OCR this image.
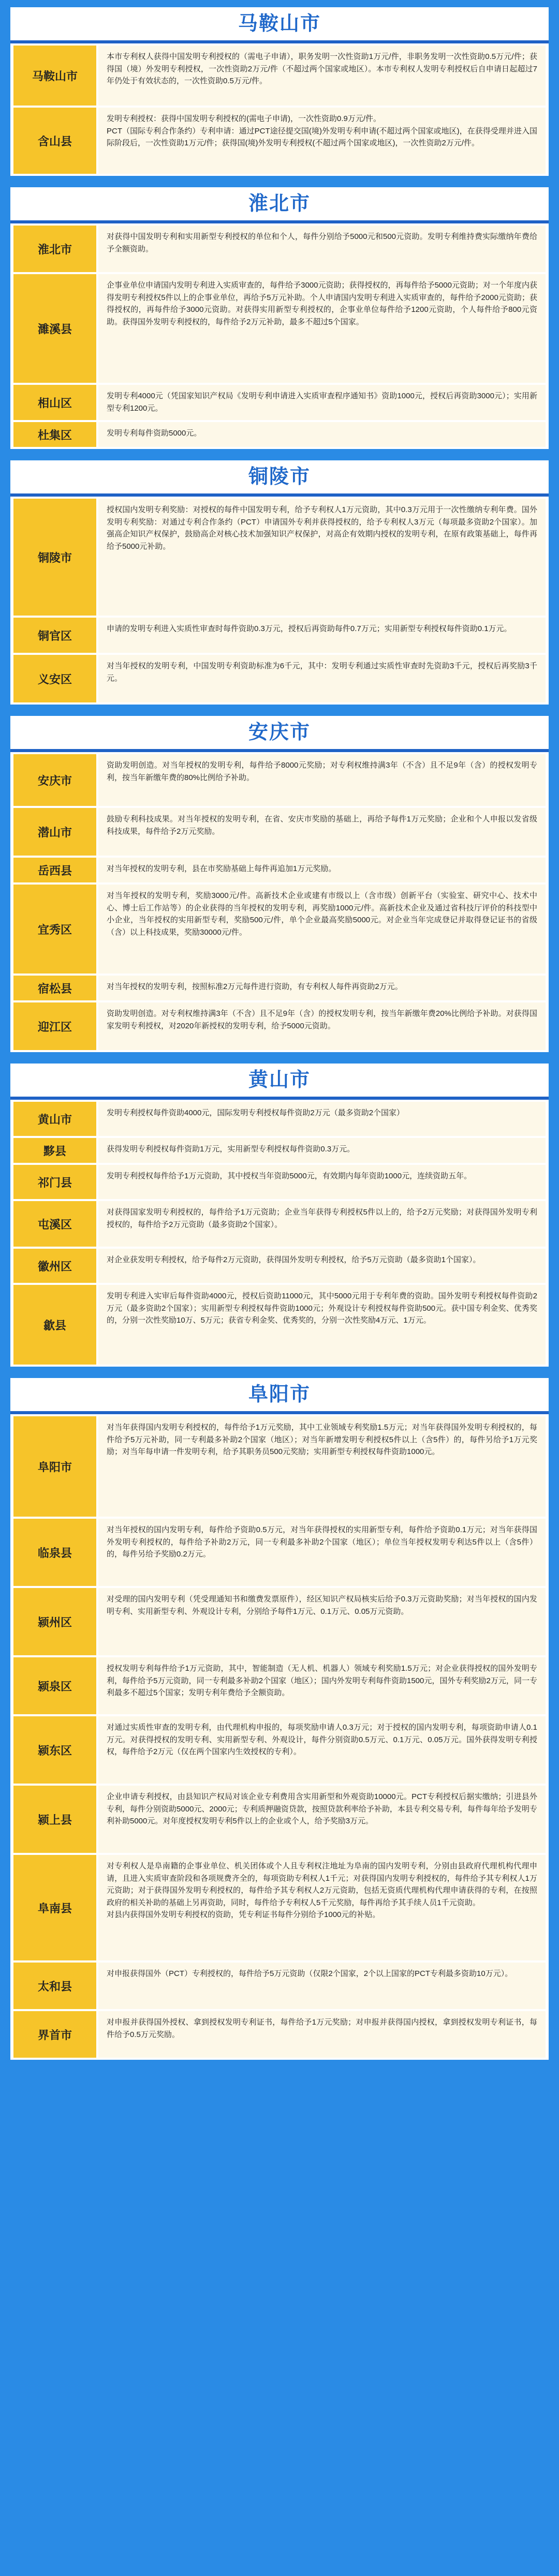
马鞍山市
马鞍山市
本市专利权人获得中国发明专利授权的（需电子申请），职务发明一次性资助1万元/件，非职务发明一次性资助0.5万元/件；获得国（境）外发明专利授权，一次性资助2万元/件（不超过两个国家或地区）。本市专利权人发明专利授权后自申请日起超过7年仍处于有效状态的，一次性资助0.5万元/件。
含山县
发明专利授权：获得中国发明专利授权的(需电子申请)，一次性资助0.9万元/件。
PCT（国际专利合作条约）专利申请：通过PCT途径提交国(境)外发明专利申请(不超过两个国家或地区)，在获得受理并进入国际阶段后，一次性资助1万元/件；获得国(境)外发明专利授权(不超过两个国家或地区)，一次性资助2万元/件。
淮北市
淮北市
对获得中国发明专利和实用新型专利授权的单位和个人，每件分别给予5000元和500元资助。发明专利维持费实际缴纳年费给予全额资助。
濉溪县
企事业单位申请国内发明专利进入实质审查的，每件给予3000元资助；获得授权的，再每件给予5000元资助；对一个年度内获得发明专利授权5件以上的企事业单位，再给予5万元补助。个人申请国内发明专利进入实质审查的，每件给予2000元资助；获得授权的，再每件给予3000元资助。对获得实用新型专利授权的，企事业单位每件给予1200元资助，个人每件给予800元资助。获得国外发明专利授权的，每件给予2万元补助，最多不超过5个国家。
相山区
发明专利4000元（凭国家知识产权局《发明专利申请进入实质审查程序通知书》资助1000元，授权后再资助3000元）；实用新型专利1200元。
杜集区	发明专利每件资助5000元。
铜陵市
铜陵市
授权国内发明专利奖励：对授权的每件中国发明专利，给予专利权人1万元资助，其中0.3万元用于一次性缴纳专利年费。国外发明专利奖励：对通过专利合作条约（PCT）申请国外专利并获得授权的，给予专利权人3万元（每项最多资助2个国家）。加强高企知识产权保护，鼓励高企对核心技术加强知识产权保护，对高企有效期内授权的发明专利，在原有政策基础上，每件再给予5000元补助。
铜官区
申请的发明专利进入实质性审查时每件资助0.3万元，授权后再资助每件0.7万元；实用新型专利授权每件资助0.1万元。
义安区
对当年授权的发明专利，中国发明专利资助标准为6千元，其中：发明专利通过实质性审查时先资助3千元，授权后再奖励3千元。
安庆市
安庆市
资助发明创造。对当年授权的发明专利，每件给予8000元奖励；对专利权维持满3年（不含）且不足9年（含）的授权发明专利，按当年新缴年费的80%比例给予补助。
潜山市
鼓励专利科技成果。对当年授权的发明专利，在省、安庆市奖励的基础上，再给予每件1万元奖励；企业和个人申报以发省级科技成果，每件给予2万元奖励。
岳西县	对当年授权的发明专利，县在市奖励基础上每件再追加1万元奖励。
宜秀区
对当年授权的发明专利，奖励3000元/件。高新技术企业或建有市级以上（含市级）创新平台（实验室、研究中心、技术中心、博士后工作站等）的企业获得的当年授权的发明专利，再奖励1000元/件。高新技术企业及通过省科技厅评价的科技型中小企业，当年授权的实用新型专利，奖励500元/件，单个企业最高奖励5000元。对企业当年完成登记并取得登记证书的省级（含）以上科技成果，奖励30000元/件。
宿松县	对当年授权的发明专利，按照标准2万元每件进行资助，有专利权人每件再资助2万元。
迎江区
资助发明创造。对专利权维持满3年（不含）且不足9年（含）的授权发明专利，按当年新缴年费20%比例给予补助。对获得国家发明专利授权，对2020年新授权的发明专利，给予5000元资助。
黄山市
黄山市	发明专利授权每件资助4000元，国际发明专利授权每件资助2万元（最多资助2个国家）
黟县	获得发明专利授权每件资助1万元，实用新型专利授权每件资助0.3万元。
祁门县	发明专利授权每件给予1万元资助，其中授权当年资助5000元，有效期内每年资助1000元，连续资助五年。
屯溪区
对获得国家发明专利授权的，每件给予1万元资助；企业当年获得专利授权5件以上的，给予2万元奖励；对获得国外发明专利授权的，每件给予2万元资助（最多资助2个国家）。
徽州区	对企业获发明专利授权，给予每件2万元资助，获得国外发明专利授权，给予5万元资助（最多资助1个国家）。
歙县
发明专利进入实审后每件资助4000元，授权后资助11000元，其中5000元用于专利年费的资助。国外发明专利授权每件资助2万元（最多资助2个国家）；实用新型专利授权每件资助1000元；外观设计专利授权每件资助500元。获中国专利金奖、优秀奖的，分别一次性奖励10万、5万元；获省专利金奖、优秀奖的，分别一次性奖励4万元、1万元。
阜阳市
阜阳市
对当年获得国内发明专利授权的，每件给予1万元奖励，其中工业领域专利奖励1.5万元；对当年获得国外发明专利授权的，每件给予5万元补助，同一专利最多补助2个国家（地区）；对当年新增发明专利授权5件以上（含5件）的，每件另给予1万元奖励；对当年每申请一件发明专利，给予其职务员500元奖励；实用新型专利授权每件资助1000元。
临泉县
对当年授权的国内发明专利，每件给予资助0.5万元，对当年获得授权的实用新型专利，每件给予资助0.1万元；对当年获得国外发明专利授权的，每件给予补助2万元，同一专利最多补助2个国家（地区）；单位当年授权发明专利达5件以上（含5件）的，每件另给予奖励0.2万元。
颍州区
对受理的国内发明专利（凭受理通知书和缴费发票原件），经区知识产权局核实后给予0.3万元资助奖励；对当年授权的国内发明专利、实用新型专利、外观设计专利，分别给予每件1万元、0.1万元、0.05万元资助。
颍泉区
授权发明专利每件给予1万元资助，其中，智能制造（无人机、机器人）领域专利奖励1.5万元；对企业获得授权的国外发明专利，每件给予5万元资助，同一专利最多补助2个国家（地区）；国内外发明专利每件资助1500元，国外专利奖励2万元，同一专利最多不超过5个国家；发明专利年费给予全额资助。
颍东区
对通过实质性审查的发明专利，由代理机构申报的，每项奖励申请人0.3万元；对于授权的国内发明专利，每项资助申请人0.1万元。对获得授权的发明专利、实用新型专利、外观设计，每件分别资助0.5万元、0.1万元、0.05万元。国外获得发明专利授权，每件给予2万元（仅在两个国家内生效授权的专利）。
颍上县
企业申请专利授权，由县知识产权局对该企业专利费用含实用新型和外观资助10000元。PCT专利授权后据实缴纳；引进县外专利，每件分别资助5000元、2000元；专利质押融资贷款，按照贷款利率给予补助，本县专利交易专利，每件每年给予发明专利补助5000元。对年度授权发明专利5件以上的企业或个人，给予奖励3万元。
阜南县
对专利权人是阜南籍的企事业单位、机关团体或个人且专利权注地址为阜南的国内发明专利，分别由县政府代理机构代理申请，且进入实质审查阶段和各项规费齐全的，每项资助专利权人1千元；对获得国内发明专利授权的，每件给予其专利权人1万元资助；对于获得国外发明专利授权的，每件给予其专利权人2万元资助，包括无资质代理机构代理申请获得的专利，在按照政府的相关补助的基础上另再资助，同时，每件给予专利权人5千元奖励，每件再给予其手续人员1千元资助。
对县内获得国外发明专利授权的资助，凭专利证书每件分别给予1000元的补贴。
太和县
对申报获得国外（PCT）专利授权的，每件给予5万元资助（仅限2个国家，2个以上国家的PCT专利最多资助10万元）。
界首市
对申报并获得国外授权、拿到授权发明专利证书，每件给予1万元奖励；对申报并获得国内授权，拿到授权发明专利证书，每件给予0.5万元奖励。
